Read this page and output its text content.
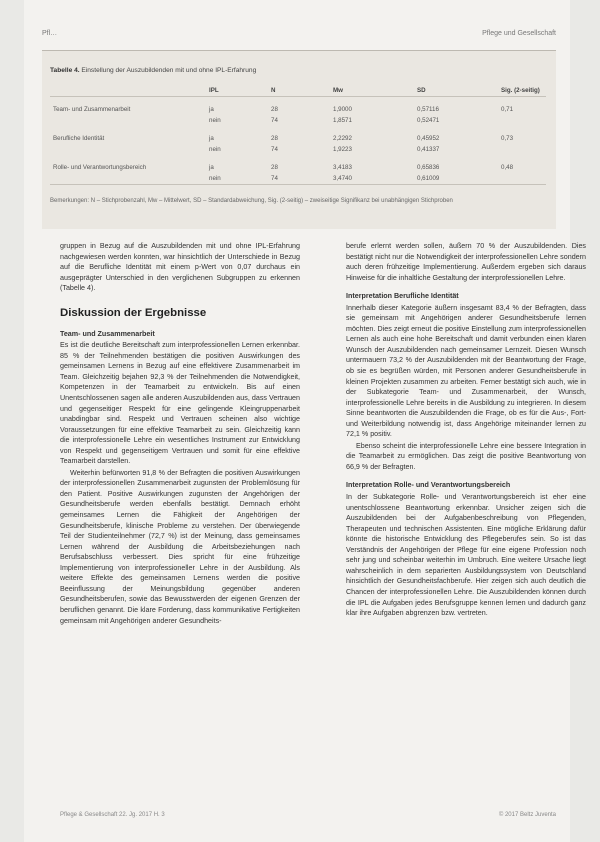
Pfl…	Pflege und Gesellschaft
Tabelle 4. Einstellung der Auszubildenden mit und ohne IPL-Erfahrung
	IPL	N	Mw	SD	Sig. (2-seitig)
Team- und Zusammenarbeit	ja	28	1,9000	0,57116	0,71
	nein	74	1,8571	0,52471	
Berufliche Identität	ja	28	2,2292	0,45952	0,73
	nein	74	1,9223	0,41337	
Rolle- und Verantwortungsbereich	ja	28	3,4183	0,65836	0,48
	nein	74	3,4740	0,61009	
Bemerkungen: N – Stichprobenzahl, Mw – Mittelwert, SD – Standardabweichung, Sig. (2-seitig) – zweiseitige Signifikanz bei unabhängigen Stichproben

gruppen in Bezug auf die Auszubildenden mit und ohne IPL-Erfahrung nachgewiesen werden konnten, war hinsichtlich der Unterschiede in Bezug auf die Berufliche Identität mit einem p-Wert von 0,07 durchaus ein ausgeprägter Unterschied in den verglichenen Subgruppen zu erkennen (Tabelle 4).

Diskussion der Ergebnisse
Team- und Zusammenarbeit

Es ist die deutliche Bereitschaft zum interprofessionellen Lernen erkennbar. 85 % der Teilnehmenden bestätigen die positiven Auswirkungen des gemeinsamen Lernens in Bezug auf eine effektivere Zusammenarbeit im Team. Gleichzeitig bejahen 92,3 % der Teilnehmenden die Notwendigkeit, Kompetenzen in der Teamarbeit zu entwickeln. Bis auf einen Unentschlossenen sagen alle anderen Auszubildenden aus, dass Vertrauen und gegenseitiger Respekt für eine gelingende Kleingruppenarbeit unabdingbar sind. Respekt und Vertrauen scheinen also wichtige Voraussetzungen für eine effektive Teamarbeit zu sein. Gleichzeitig kann die interprofessionelle Lehre ein wesentliches Instrument zur Entwicklung von Respekt und gegenseitigem Vertrauen und somit für eine effektive Teamarbeit darstellen.

Weiterhin befürworten 91,8 % der Befragten die positiven Auswirkungen der interprofessionellen Zusammenarbeit zugunsten der Problemlösung für den Patient. Positive Auswirkungen zugunsten der Angehörigen der Gesundheitsberufe werden ebenfalls bestätigt. Demnach erhöht gemeinsames Lernen die Fähigkeit der Angehörigen der Gesundheitsberufe, klinische Probleme zu verstehen. Der überwiegende Teil der Studienteilnehmer (72,7 %) ist der Meinung, dass gemeinsames Lernen während der Ausbildung die Arbeitsbeziehungen nach Berufsabschluss verbessert. Dies spricht für eine frühzeitige Implementierung von interprofessioneller Lehre in der Ausbildung. Als weitere Effekte des gemeinsamen Lernens werden die positive Beeinflussung der Meinungsbildung gegenüber anderen Gesundheitsberufen, sowie das Bewusstwerden der eigenen Grenzen der beruflichen genannt. Die klare Forderung, dass kommunikative Fertigkeiten gemeinsam mit Angehörigen anderer Gesundheits-

berufe erlernt werden sollen, äußern 70 % der Auszubildenden. Dies bestätigt nicht nur die Notwendigkeit der interprofessionellen Lehre sondern auch deren frühzeitige Implementierung. Außerdem ergeben sich daraus Hinweise für die inhaltliche Gestaltung der interprofessionellen Lehre.

Interpretation Berufliche Identität

Innerhalb dieser Kategorie äußern insgesamt 83,4 % der Befragten, dass sie gemeinsam mit Angehörigen anderer Gesundheitsberufe lernen möchten. Dies zeigt erneut die positive Einstellung zum interprofessionellen Lernen als auch eine hohe Bereitschaft und damit verbunden einen klaren Wunsch der Auszubildenden nach gemeinsamer Lernzeit. Diesen Wunsch untermauern 73,2 % der Auszubildenden mit der Beantwortung der Frage, ob sie es begrüßen würden, mit Personen anderer Gesundheitsberufe in kleinen Projekten zusammen zu arbeiten. Ferner bestätigt sich auch, wie in der Subkategorie Team- und Zusammenarbeit, der Wunsch, interprofessionelle Lehre bereits in die Ausbildung zu integrieren. In diesem Sinne beantworten die Auszubildenden die Frage, ob es für die Aus-, Fort- und Weiterbildung notwendig ist, dass Angehörige miteinander lernen zu 72,1 % positiv.

Ebenso scheint die interprofessionelle Lehre eine bessere Integration in die Teamarbeit zu ermöglichen. Das zeigt die positive Beantwortung von 66,9 % der Befragten.

Interpretation Rolle- und Verantwortungsbereich

In der Subkategorie Rolle- und Verantwortungsbereich ist eher eine unentschlossene Beantwortung erkennbar. Unsicher zeigen sich die Auszubildenden bei der Aufgabenbeschreibung von Pflegenden, Therapeuten und technischen Assistenten. Eine mögliche Erklärung dafür könnte die historische Entwicklung des Pflegeberufes sein. So ist das Verständnis der Angehörigen der Pflege für eine eigene Profession noch sehr jung und scheinbar weiterhin im Umbruch. Eine weitere Ursache liegt wahrscheinlich in dem separierten Ausbildungssystem von Deutschland hinsichtlich der Gesundheitsfachberufe. Hier zeigen sich auch deutlich die Chancen der interprofessionellen Lehre. Die Auszubildenden können durch die IPL die Aufgaben jedes Berufsgruppe kennen lernen und dadurch ganz klar ihre Aufgaben abgrenzen bzw. vertreten.

Pflege & Gesellschaft 22. Jg. 2017 H. 3	© 2017 Beltz Juventa
